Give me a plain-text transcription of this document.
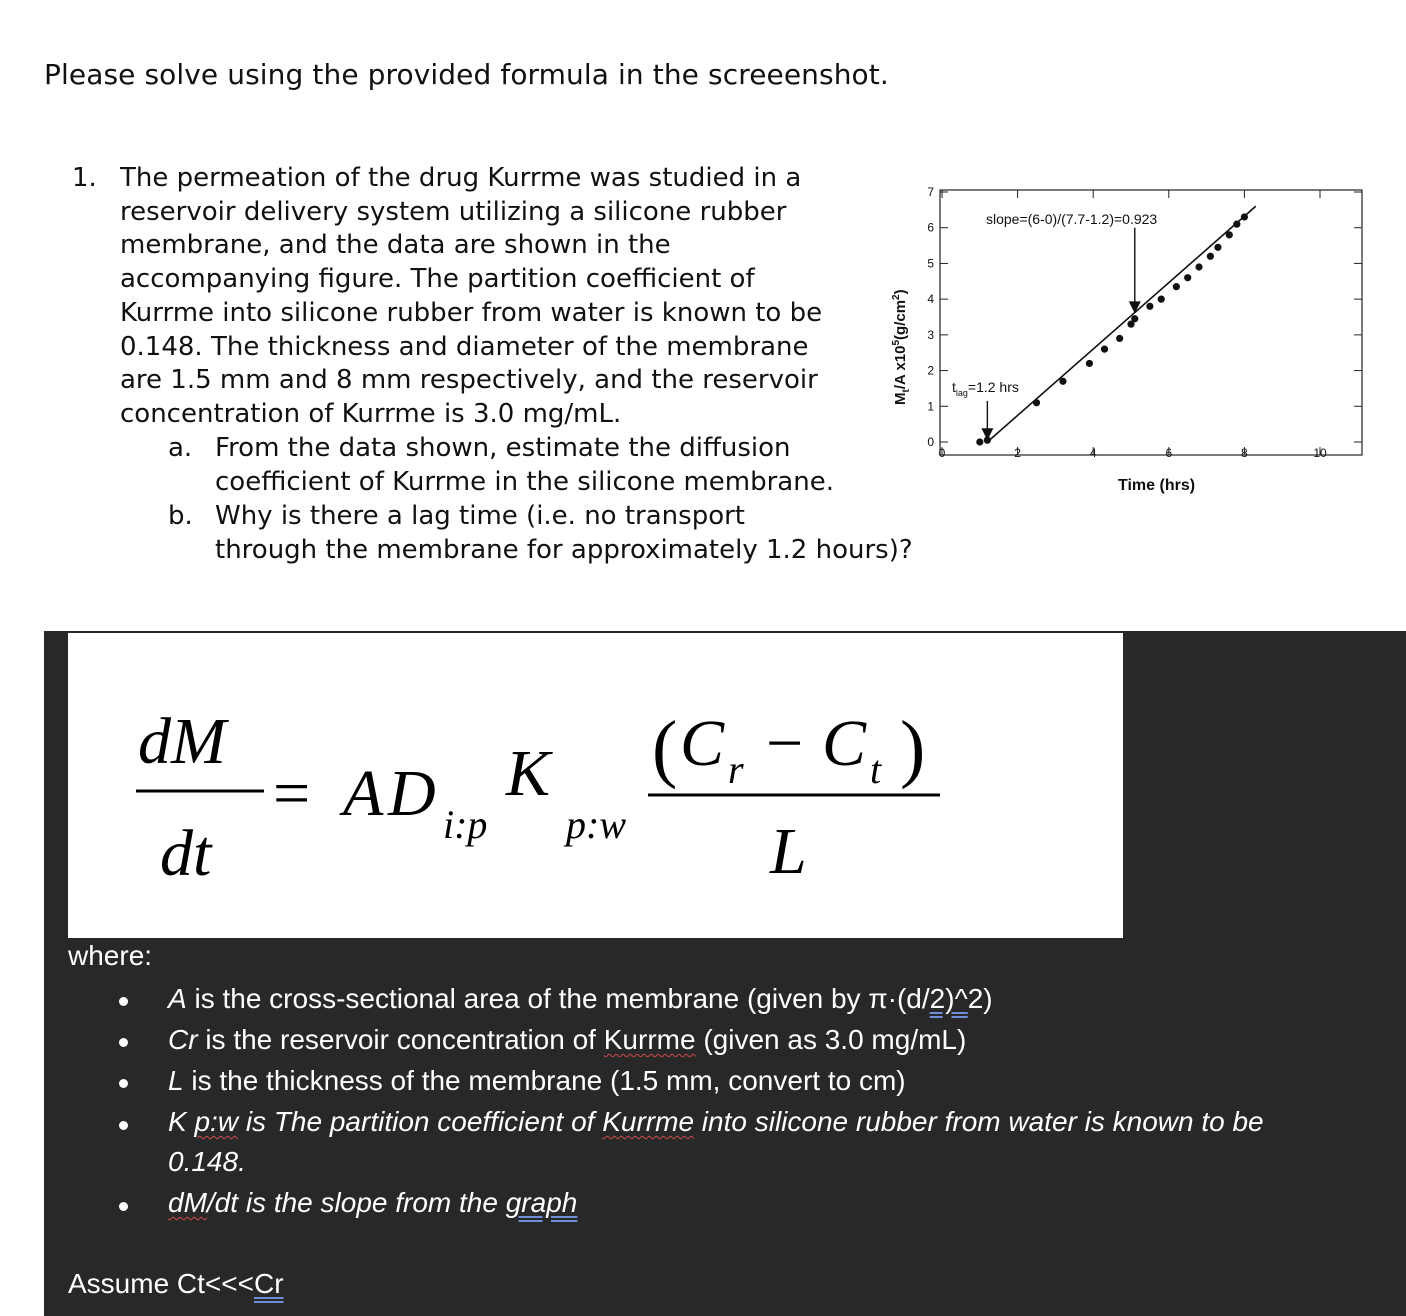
Please solve using the provided formula in the screeenshot.
1. The permeation of the drug Kurrme was studied in a
reservoir delivery system utilizing a silicone rubber
membrane, and the data are shown in the
accompanying figure. The partition coefficient of
Kurrme into silicone rubber from water is known to be
0.148. The thickness and diameter of the membrane
are 1.5 mm and 8 mm respectively, and the reservoir
concentration of Kurrme is 3.0 mg/mL.
a. From the data shown, estimate the diffusion
coefficient of Kurrme in the silicone membrane.
b. Why is there a lag time (i.e. no transport
through the membrane for approximately 1.2 hours)?
0
1
2
3
4
5
6
7
0	2	4	6	8	10
slope=(6-0)/(7.7-1.2)=0.923
$t_{lag}=1.2$ hrs
Time (hrs)
$M_t/A$ $x10^5(g/cm^2)$
dM
dt
= A D i:p
K
p:w
( C r − C t )
L
where:
A is the cross-sectional area of the membrane (given by π·(d/2)^2)
Cr is the reservoir concentration of Kurrme (given as 3.0 mg/mL)
L is the thickness of the membrane (1.5 mm, convert to cm)
K p:w is The partition coefficient of Kurrme into silicone rubber from water is known to be
0.148.
dM/dt is the slope from the graph
Assume Ct<<<Cr
